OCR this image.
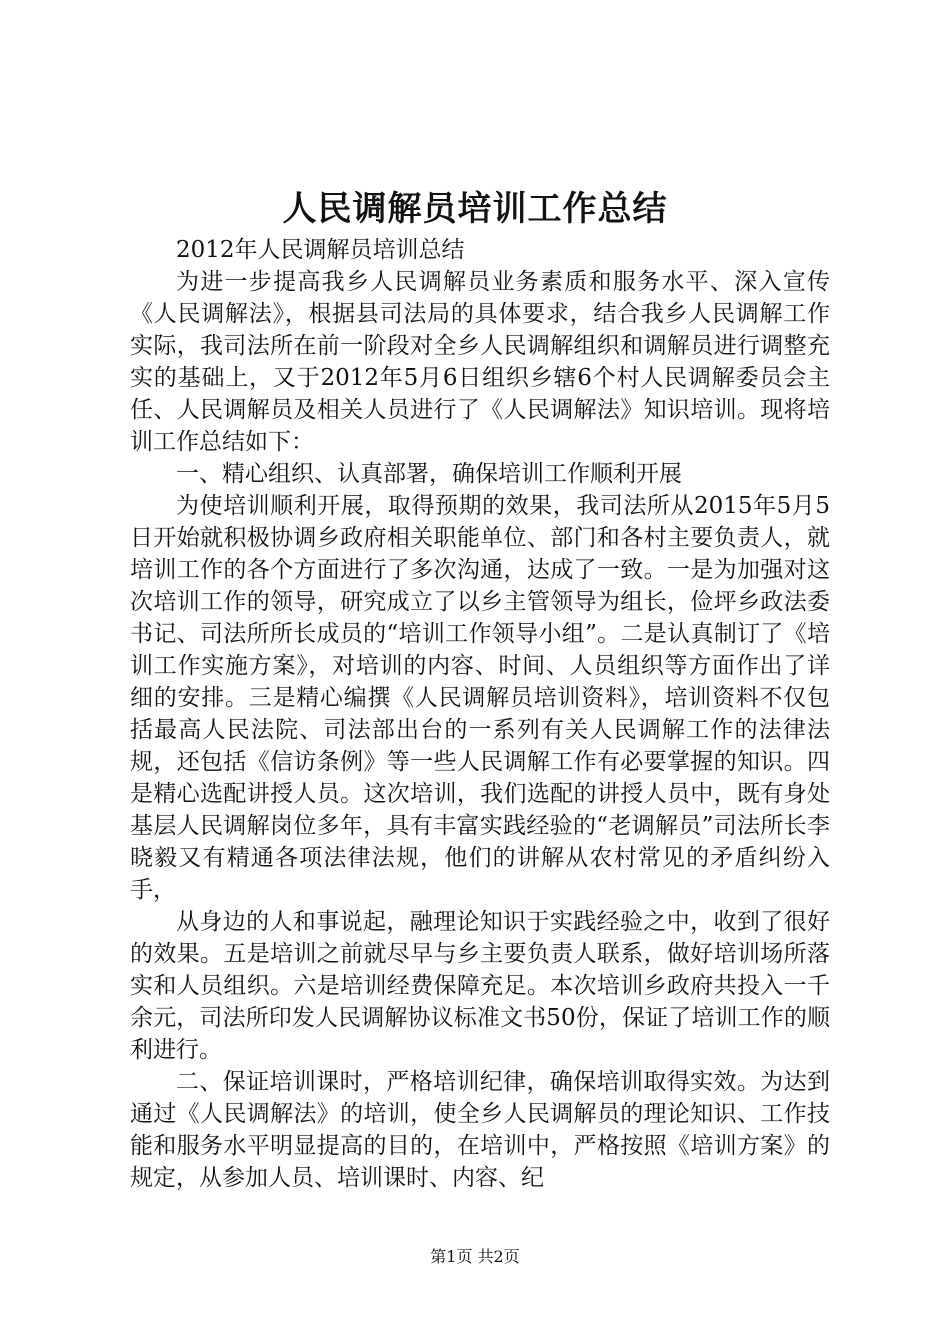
人民调解员培训工作总结

2012年人民调解员培训总结

为进一步提高我乡人民调解员业务素质和服务水平、深入宣传《人民调解法》，根据县司法局的具体要求，结合我乡人民调解工作实际，我司法所在前一阶段对全乡人民调解组织和调解员进行调整充实的基础上，又于2012年5月6日组织乡辖6个村人民调解委员会主任、人民调解员及相关人员进行了《人民调解法》知识培训。现将培训工作总结如下：

一、精心组织、认真部署，确保培训工作顺利开展

为使培训顺利开展，取得预期的效果，我司法所从2015年5月5日开始就积极协调乡政府相关职能单位、部门和各村主要负责人，就培训工作的各个方面进行了多次沟通，达成了一致。一是为加强对这次培训工作的领导，研究成立了以乡主管领导为组长，俭坪乡政法委书记、司法所所长成员的“培训工作领导小组”。二是认真制订了《培训工作实施方案》，对培训的内容、时间、人员组织等方面作出了详细的安排。三是精心编撰《人民调解员培训资料》，培训资料不仅包括最高人民法院、司法部出台的一系列有关人民调解工作的法律法规，还包括《信访条例》等一些人民调解工作有必要掌握的知识。四是精心选配讲授人员。这次培训，我们选配的讲授人员中，既有身处基层人民调解岗位多年，具有丰富实践经验的“老调解员”司法所长李晓毅又有精通各项法律法规，他们的讲解从农村常见的矛盾纠纷入手，

从身边的人和事说起，融理论知识于实践经验之中，收到了很好的效果。五是培训之前就尽早与乡主要负责人联系，做好培训场所落实和人员组织。六是培训经费保障充足。本次培训乡政府共投入一千余元，司法所印发人民调解协议标准文书50份，保证了培训工作的顺利进行。

二、保证培训课时，严格培训纪律，确保培训取得实效。为达到通过《人民调解法》的培训，使全乡人民调解员的理论知识、工作技能和服务水平明显提高的目的，在培训中，严格按照《培训方案》的规定，从参加人员、培训课时、内容、纪

第1页 共2页
